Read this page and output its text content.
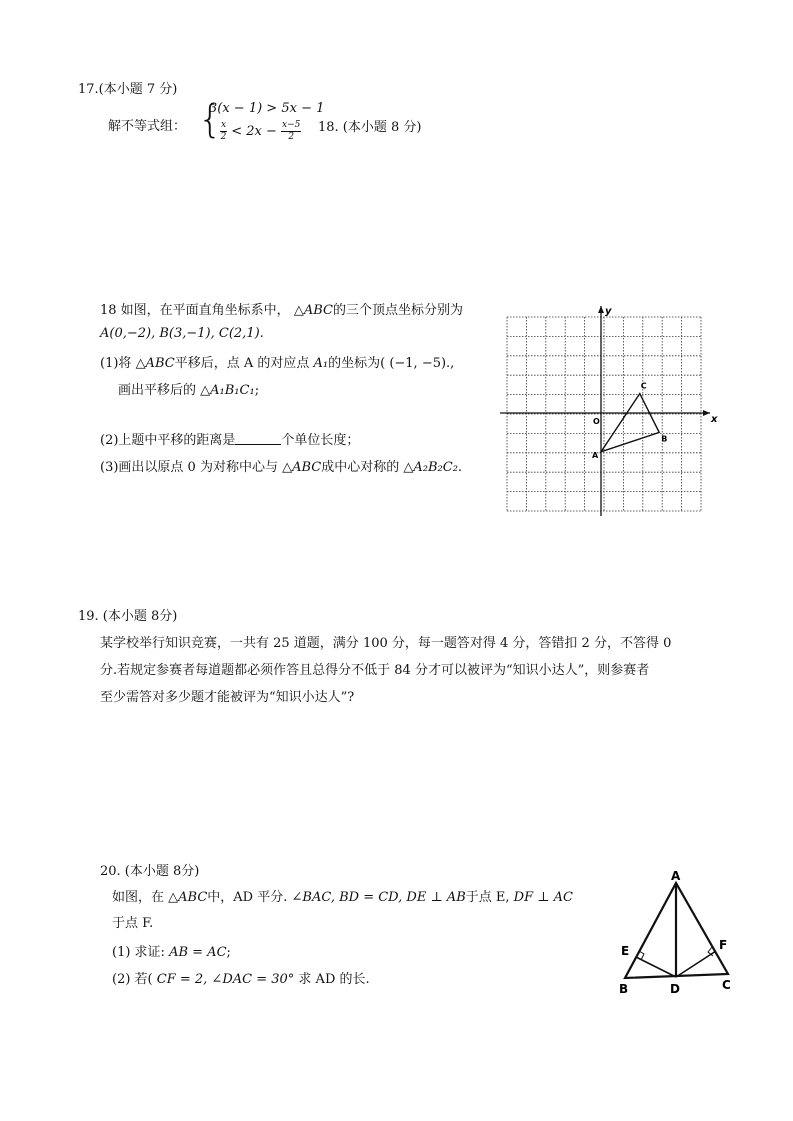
17.(本小题 7 分)
解不等式组： {
3(x − 1) > 5x − 1
$\frac{x}{2} < 2x - \frac{x-5}{2} 18$. (本小题 8 分)
18 如图，在平面直角坐标系中， △ABC的三个顶点坐标分别为
A(0,−2), B(3,−1), C(2,1).
(1)将 △ABC平移后，点 A 的对应点 A₁的坐标为( (−1, −5).,
画出平移后的 △A₁B₁C₁;
(2)上题中平移的距离是	个单位长度；
(3)画出以原点 0 为对称中心与 △ABC成中心对称的 △A₂B₂C₂.
x
y
O
A
B
C
19. (本小题 8分)
某学校举行知识竞赛，一共有 25 道题，满分 100 分，每一题答对得 4 分，答错扣 2 分，不答得 0
分.若规定参赛者每道题都必须作答且总得分不低于 84 分才可以被评为“知识小达人”，则参赛者
至少需答对多少题才能被评为“知识小达人”?
20. (本小题 8分)
如图，在 △ABC中，AD 平分. ∠BAC, BD = CD, DE ⊥ AB于点 E, DF ⊥ AC
于点 F.
(1) 求证: AB = AC;
(2) 若( CF = 2, ∠DAC = 30° 求 AD 的长.
A
B	D	C
E	F
